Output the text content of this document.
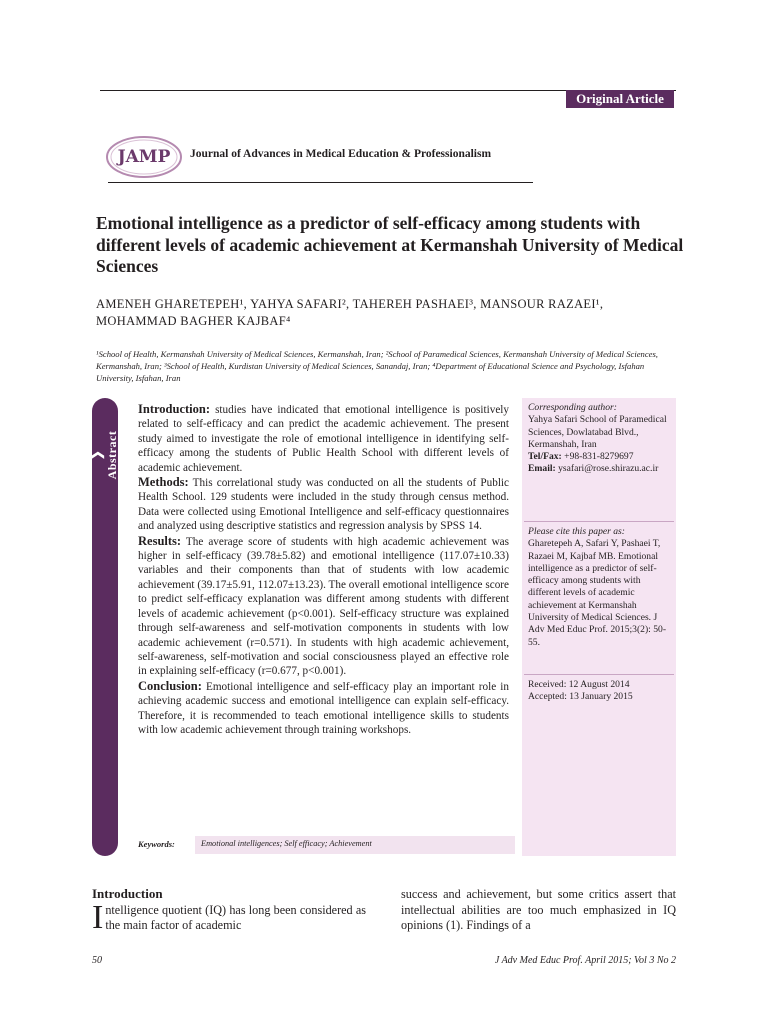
Original Article
JAMP Journal of Advances in Medical Education & Professionalism
Emotional intelligence as a predictor of self-efficacy among students with different levels of academic achievement at Kermanshah University of Medical Sciences
AMENEH GHARETEPEH¹, YAHYA SAFARI², TAHEREH PASHAEI³, MANSOUR RAZAEI¹, MOHAMMAD BAGHER KAJBAF⁴
¹School of Health, Kermanshah University of Medical Sciences, Kermanshah, Iran; ²School of Paramedical Sciences, Kermanshah University of Medical Sciences, Kermanshah, Iran; ³School of Health, Kurdistan University of Medical Sciences, Sanandaj, Iran; ⁴Department of Educational Science and Psychology, Isfahan University, Isfahan, Iran
❯Abstract

Introduction: studies have indicated that emotional intelligence is positively related to self-efficacy and can predict the academic achievement. The present study aimed to investigate the role of emotional intelligence in identifying self-efficacy among the students of Public Health School with different levels of academic achievement.

Methods: This correlational study was conducted on all the students of Public Health School. 129 students were included in the study through census method. Data were collected using Emotional Intelligence and self-efficacy questionnaires and analyzed using descriptive statistics and regression analysis by SPSS 14.

Results: The average score of students with high academic achievement was higher in self-efficacy (39.78±5.82) and emotional intelligence (117.07±10.33) variables and their components than that of students with low academic achievement (39.17±5.91, 112.07±13.23). The overall emotional intelligence score to predict self-efficacy explanation was different among students with different levels of academic achievement (p<0.001). Self-efficacy structure was explained through self-awareness and self-motivation components in students with low academic achievement (r=0.571). In students with high academic achievement, self-awareness, self-motivation and social consciousness played an effective role in explaining self-efficacy (r=0.677, p<0.001).

Conclusion: Emotional intelligence and self-efficacy play an important role in achieving academic success and emotional intelligence can explain self-efficacy. Therefore, it is recommended to teach emotional intelligence skills to students with low academic achievement through training workshops.

Keywords:	Emotional intelligences; Self efficacy; Achievement
Corresponding author:
Yahya Safari School of Paramedical Sciences, Dowlatabad Blvd., Kermanshah, Iran
Tel/Fax: +98-831-8279697
Email: ysafari@rose.shirazu.ac.ir
Please cite this paper as:
Gharetepeh A, Safari Y, Pashaei T, Razaei M, Kajbaf MB. Emotional intelligence as a predictor of self-efficacy among students with different levels of academic achievement at Kermanshah University of Medical Sciences. J Adv Med Educ Prof. 2015;3(2): 50-55.
Received: 12 August 2014
Accepted: 13 January 2015
Introduction
Intelligence quotient (IQ) has long been considered as the main factor of academic
success and achievement, but some critics assert that intellectual abilities are too much emphasized in IQ opinions (1). Findings of a
50	J Adv Med Educ Prof. April 2015; Vol 3 No 2
